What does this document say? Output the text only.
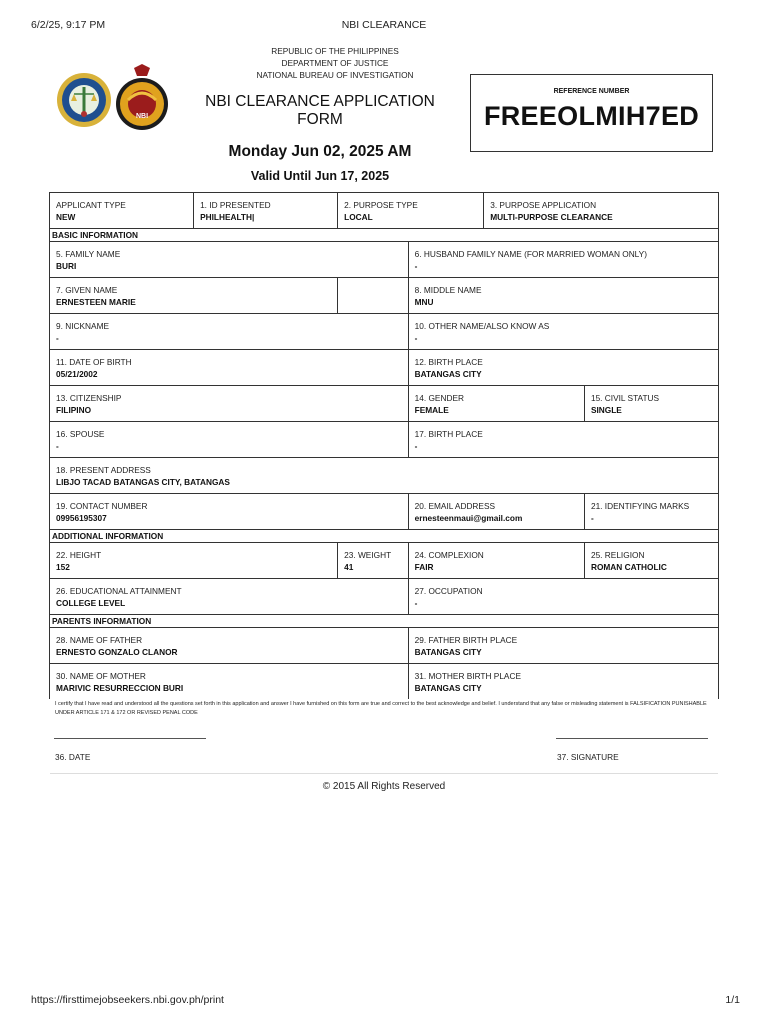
6/2/25, 9:17 PM	NBI CLEARANCE
NBI
REPUBLIC OF THE PHILIPPINES
DEPARTMENT OF JUSTICE
NATIONAL BUREAU OF INVESTIGATION
NBI CLEARANCE APPLICATION
FORM
Monday Jun 02, 2025 AM
Valid Until Jun 17, 2025
REFERENCE NUMBER
FREEOLMIH7ED
APPLICANT TYPE
NEW	1. ID PRESENTED
PHILHEALTH|	2. PURPOSE TYPE
LOCAL		3. PURPOSE APPLICATION
MULTI-PURPOSE CLEARANCE	

BASIC INFORMATION					

5. FAMILY NAME
BURI			6. HUSBAND FAMILY NAME (FOR MARRIED WOMAN ONLY)
-		

7. GIVEN NAME
ERNESTEEN MARIE			8. MIDDLE NAME
MNU		

9. NICKNAME
-			10. OTHER NAME/ALSO KNOW AS
-		

11. DATE OF BIRTH
05/21/2002			12. BIRTH PLACE
BATANGAS CITY		

13. CITIZENSHIP
FILIPINO			14. GENDER
FEMALE		15. CIVIL STATUS
SINGLE

16. SPOUSE
-			17. BIRTH PLACE
-		

18. PRESENT ADDRESS
LIBJO TACAD BATANGAS CITY, BATANGAS					

19. CONTACT NUMBER
09956195307			20. EMAIL ADDRESS
ernesteenmaui@gmail.com		21. IDENTIFYING MARKS
-

ADDITIONAL INFORMATION					

22. HEIGHT
152		23. WEIGHT
41	24. COMPLEXION
FAIR		25. RELIGION
ROMAN CATHOLIC

26. EDUCATIONAL ATTAINMENT
COLLEGE LEVEL			27. OCCUPATION
-		

PARENTS INFORMATION					

28. NAME OF FATHER
ERNESTO GONZALO CLANOR			29. FATHER BIRTH PLACE
BATANGAS CITY		

30. NAME OF MOTHER
MARIVIC RESURRECCION BURI			31. MOTHER BIRTH PLACE
BATANGAS CITY		
I certify that I have read and understood all the questions set forth in this application and answer I have furnished on this form are true and correct to the best acknowledge and belief. I understand that any false or misleading statement is FALSIFICATION PUNISHABLE UNDER ARTICLE 171 & 172 OR REVISED PENAL CODE
36. DATE	37. SIGNATURE
© 2015 All Rights Reserved
https://firsttimejobseekers.nbi.gov.ph/print	1/1
